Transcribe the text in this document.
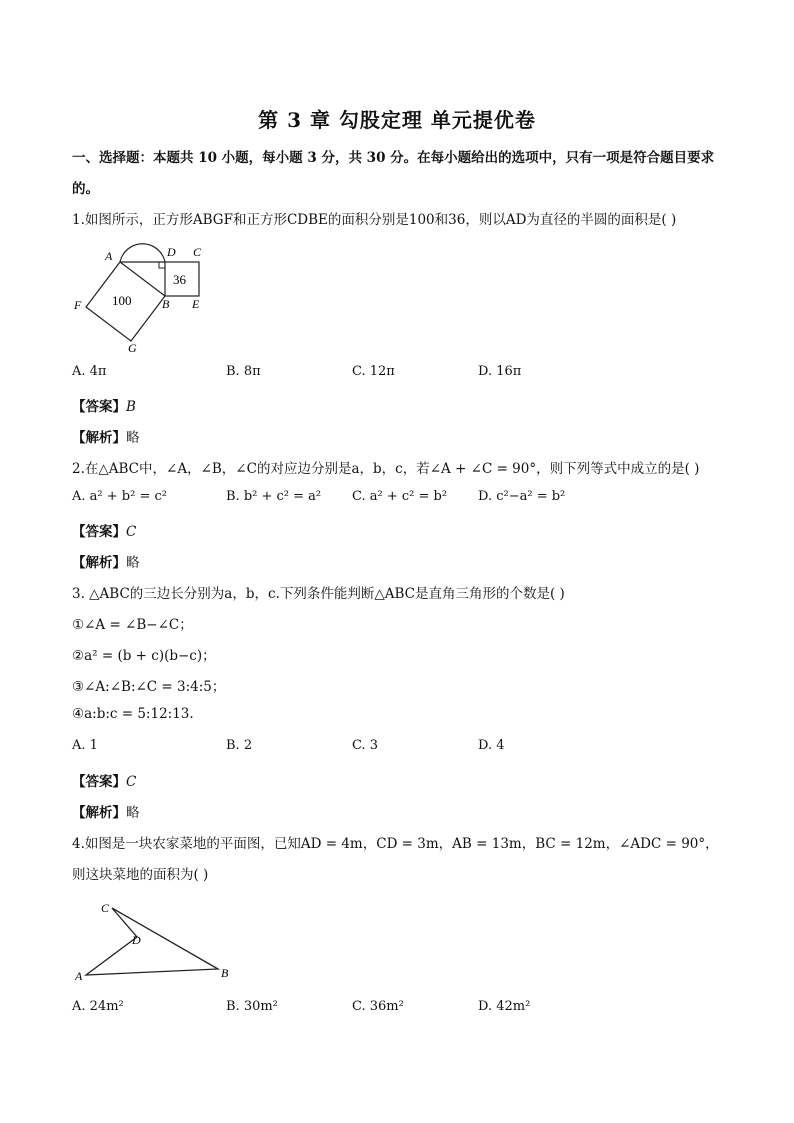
第 3 章 勾股定理 单元提优卷
一、选择题：本题共 10 小题，每小题 3 分，共 30 分。在每小题给出的选项中，只有一项是符合题目要求
的。
1.如图所示，正方形ABGF和正方形CDBE的面积分别是100和36，则以AD为直径的半圆的面积是( )
A	D C
F	B E
G
36
100
A. 4π	B. 8π	C. 12π	D. 16π
【答案】B
【解析】略
2.在△ABC中，∠A，∠B，∠C的对应边分别是a，b，c，若∠A + ∠C = 90°，则下列等式中成立的是( )
A. a² + b² = c²	B. b² + c² = a² C. a² + c² = b² D. c²−a² = b²
【答案】C
【解析】略
3. △ABC的三边长分别为a，b，c.下列条件能判断△ABC是直角三角形的个数是( )
①∠A = ∠B−∠C；
②a² = (b + c)(b−c)；
③∠A:∠B:∠C = 3:4:5；
④a:b:c = 5:12:13.
A. 1	B. 2	C. 3	D. 4
【答案】C
【解析】略
4.如图是一块农家菜地的平面图，已知AD = 4m，CD = 3m，AB = 13m，BC = 12m，∠ADC = 90°，
则这块菜地的面积为( )
C
D
A	B
A. 24m²	B. 30m²	C. 36m²	D. 42m²
